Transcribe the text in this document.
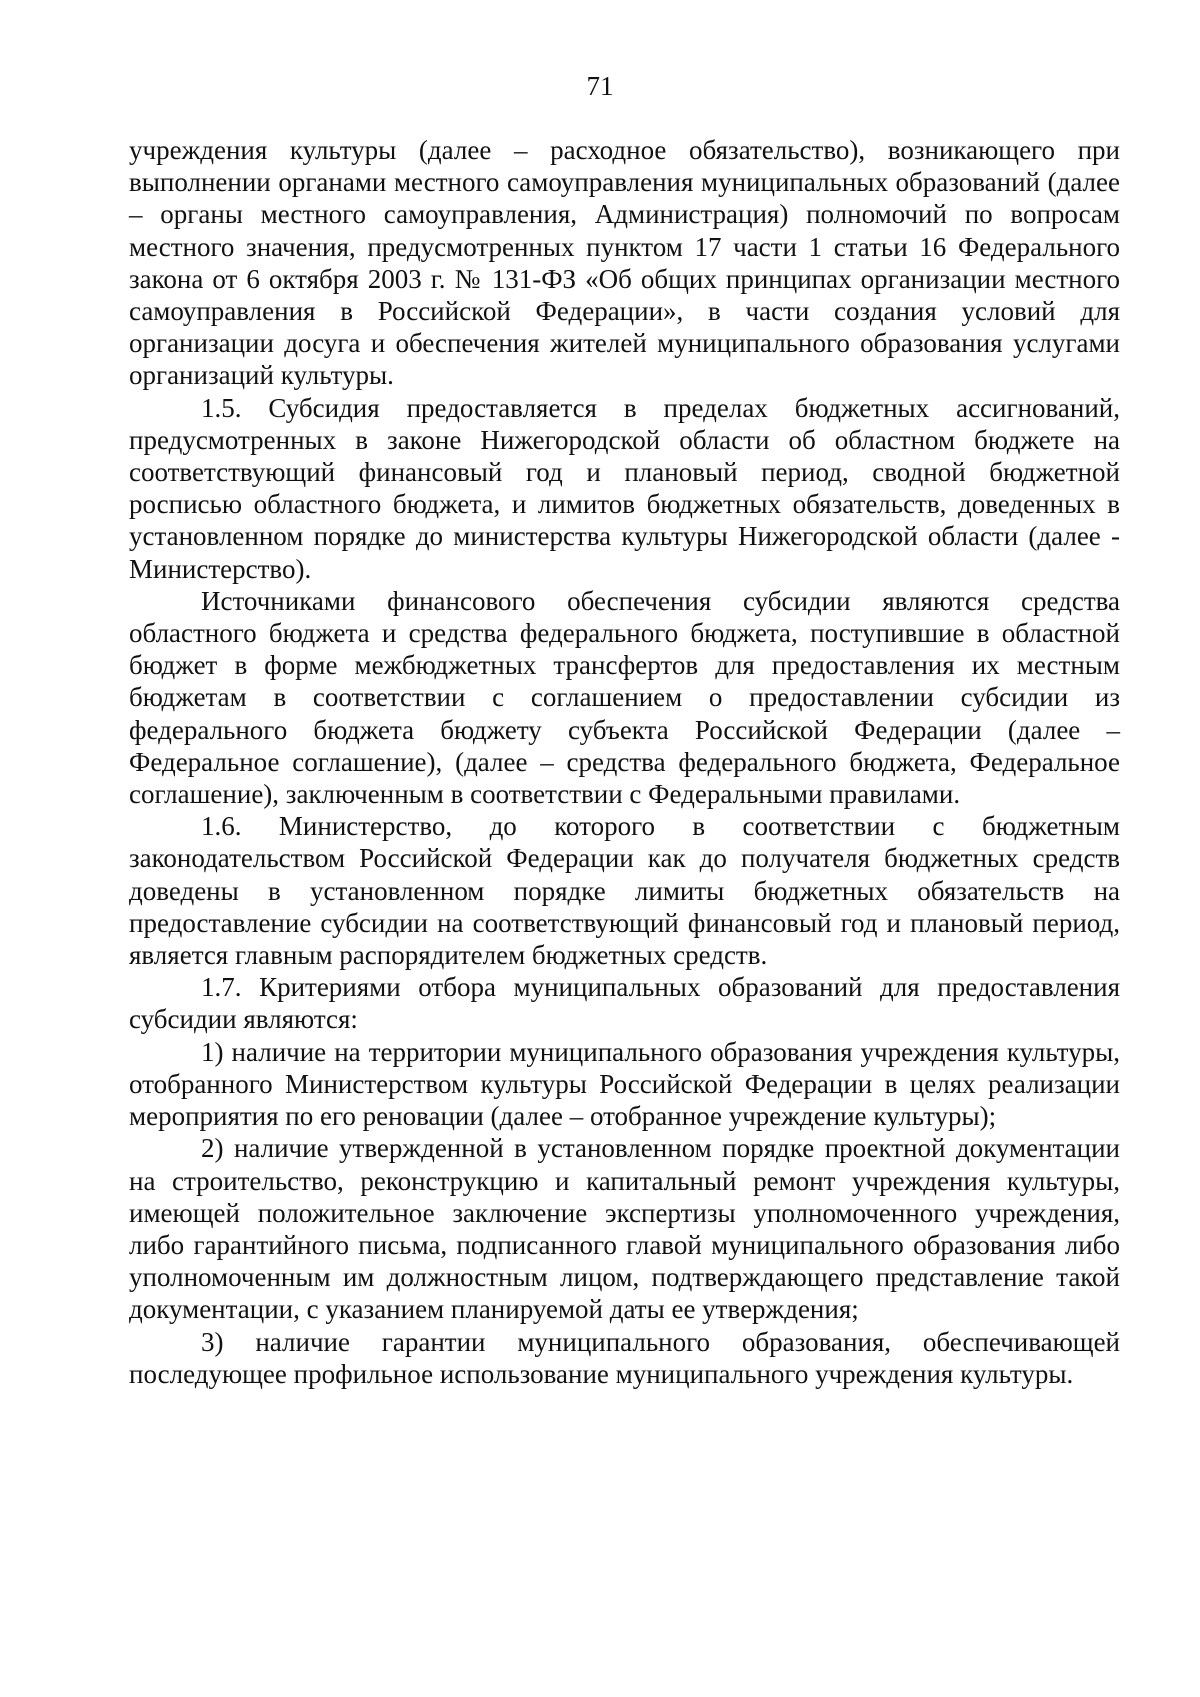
71

учреждения культуры (далее – расходное обязательство), возникающего при выполнении органами местного самоуправления муниципальных образований (далее – органы местного самоуправления, Администрация) полномочий по вопросам местного значения, предусмотренных пунктом 17 части 1 статьи 16 Федерального закона от 6 октября 2003 г. № 131-ФЗ «Об общих принципах организации местного самоуправления в Российской Федерации», в части создания условий для организации досуга и обеспечения жителей муниципального образования услугами организаций культуры.

1.5. Субсидия предоставляется в пределах бюджетных ассигнований, предусмотренных в законе Нижегородской области об областном бюджете на соответствующий финансовый год и плановый период, сводной бюджетной росписью областного бюджета, и лимитов бюджетных обязательств, доведенных в установленном порядке до министерства культуры Нижегородской области (далее - Министерство).

Источниками финансового обеспечения субсидии являются средства областного бюджета и средства федерального бюджета, поступившие в областной бюджет в форме межбюджетных трансфертов для предоставления их местным бюджетам в соответствии с соглашением о предоставлении субсидии из федерального бюджета бюджету субъекта Российской Федерации (далее – Федеральное соглашение), (далее – средства федерального бюджета, Федеральное соглашение), заключенным в соответствии с Федеральными правилами.

1.6. Министерство, до которого в соответствии с бюджетным законодательством Российской Федерации как до получателя бюджетных средств доведены в установленном порядке лимиты бюджетных обязательств на предоставление субсидии на соответствующий финансовый год и плановый период, является главным распорядителем бюджетных средств.

1.7. Критериями отбора муниципальных образований для предоставления субсидии являются:

1) наличие на территории муниципального образования учреждения культуры, отобранного Министерством культуры Российской Федерации в целях реализации мероприятия по его реновации (далее – отобранное учреждение культуры);

2) наличие утвержденной в установленном порядке проектной документации на строительство, реконструкцию и капитальный ремонт учреждения культуры, имеющей положительное заключение экспертизы уполномоченного учреждения, либо гарантийного письма, подписанного главой муниципального образования либо уполномоченным им должностным лицом, подтверждающего представление такой документации, с указанием планируемой даты ее утверждения;

3) наличие гарантии муниципального образования, обеспечивающей последующее профильное использование муниципального учреждения культуры.
